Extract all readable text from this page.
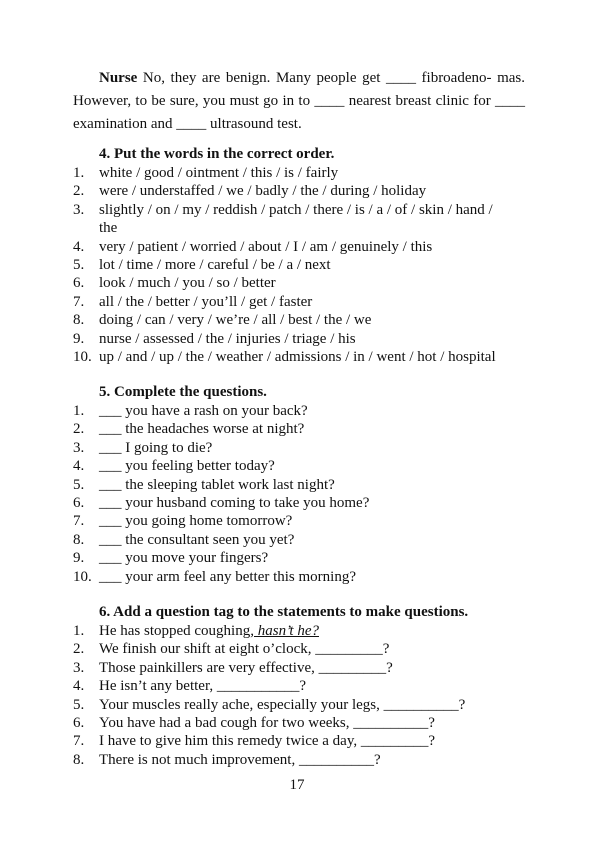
Nurse No, they are benign. Many people get ____ fibroadeno- mas. However, to be sure, you must go in to ____ nearest breast clinic for ____ examination and ____ ultrasound test.
4. Put the words in the correct order.
1. white / good / ointment / this / is / fairly
2. were / understaffed / we / badly / the / during / holiday
3. slightly / on / my / reddish / patch / there / is / a / of / skin / hand /
the
4. very / patient / worried / about / I / am / genuinely / this
5. lot / time / more / careful / be / a / next
6. look / much / you / so / better
7. all / the / better / you’ll / get / faster
8. doing / can / very / we’re / all / best / the / we
9. nurse / assessed / the / injuries / triage / his
10. up / and / up / the / weather / admissions / in / went / hot / hospital
5. Complete the questions.
1. ___ you have a rash on your back?
2. ___ the headaches worse at night?
3. ___ I going to die?
4. ___ you feeling better today?
5. ___ the sleeping tablet work last night?
6. ___ your husband coming to take you home?
7. ___ you going home tomorrow?
8. ___ the consultant seen you yet?
9. ___ you move your fingers?
10. ___ your arm feel any better this morning?
6. Add a question tag to the statements to make questions.
1. He has stopped coughing, hasn’t he?
2. We finish our shift at eight o’clock, _________?
3. Those painkillers are very effective, _________?
4. He isn’t any better, ___________?
5. Your muscles really ache, especially your legs, __________?
6. You have had a bad cough for two weeks, __________?
7. I have to give him this remedy twice a day, _________?
8. There is not much improvement, __________?
17
